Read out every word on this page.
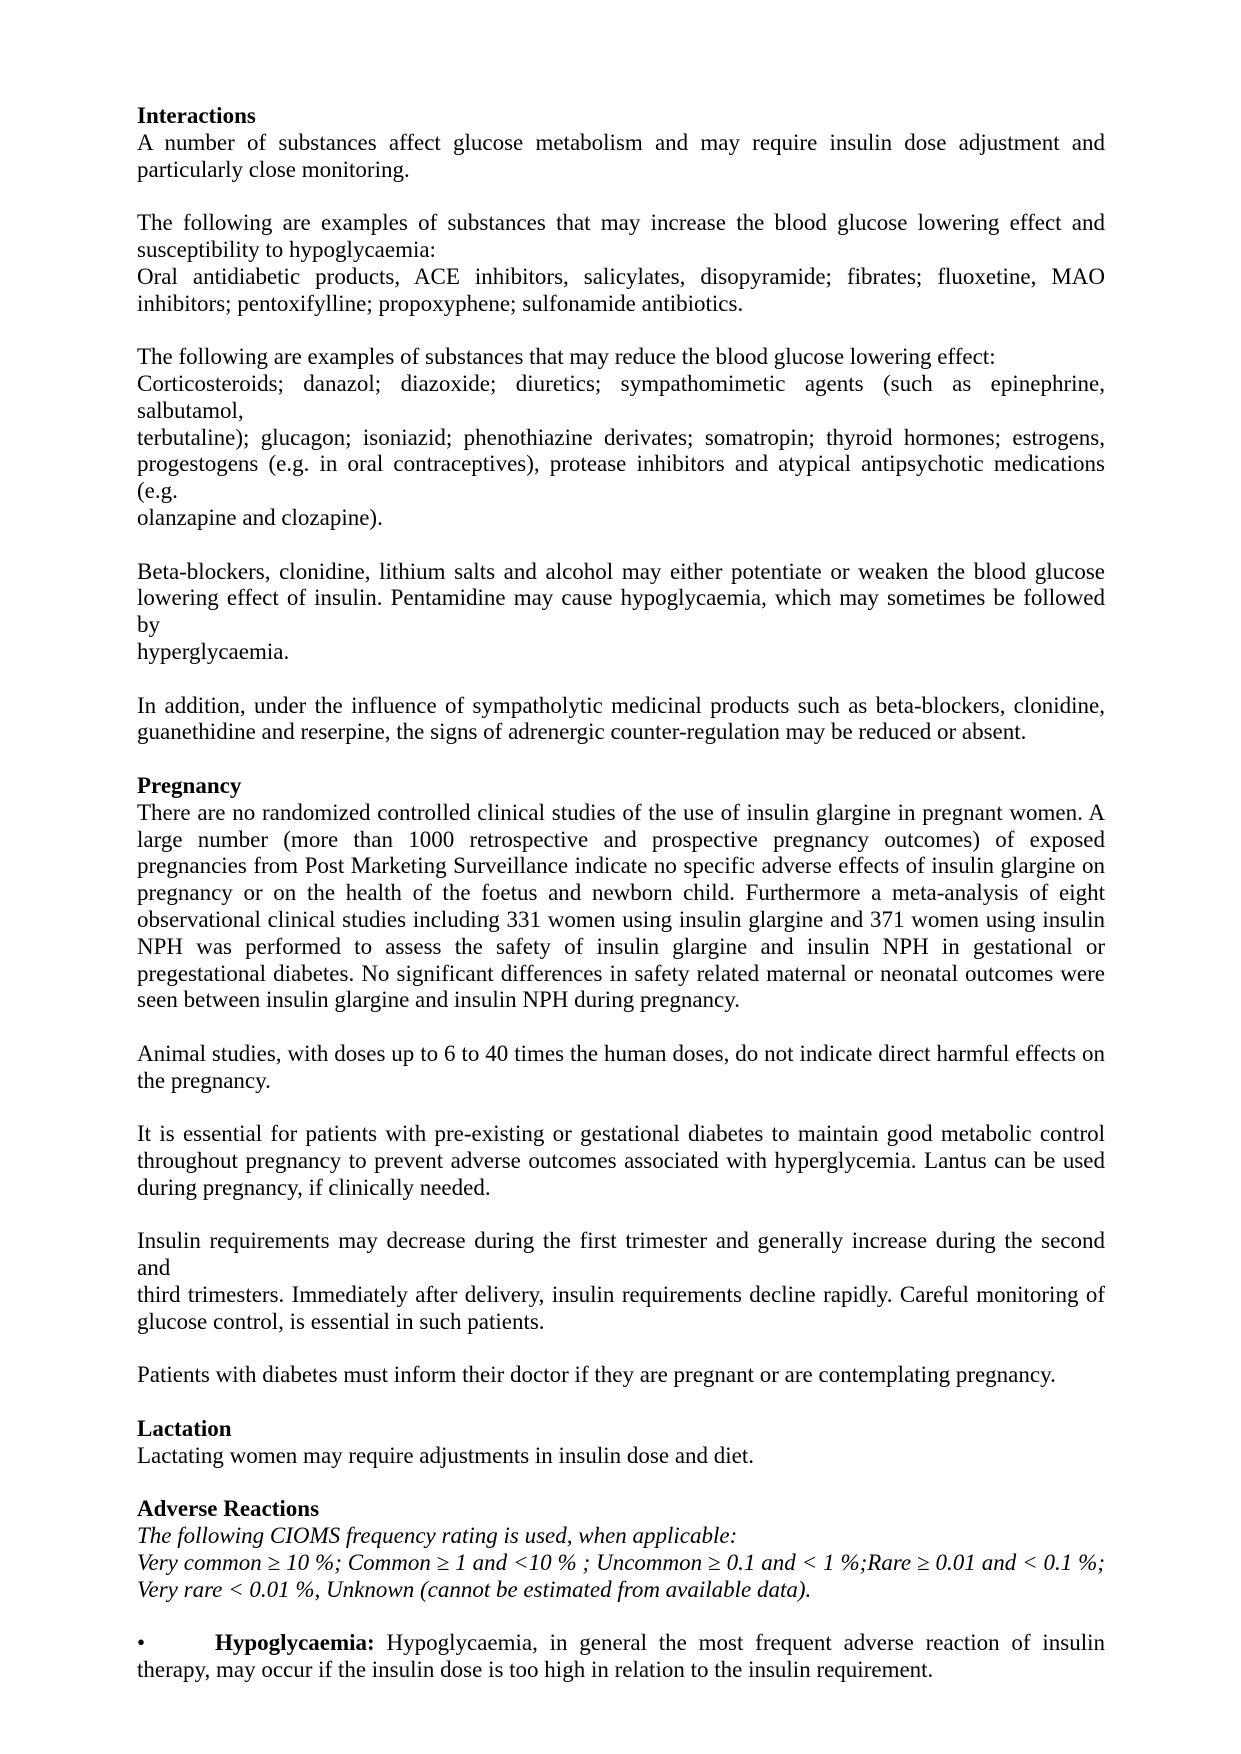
Interactions
A number of substances affect glucose metabolism and may require insulin dose adjustment and
particularly close monitoring.
The following are examples of substances that may increase the blood glucose lowering effect and
susceptibility to hypoglycaemia:
Oral antidiabetic products, ACE inhibitors, salicylates, disopyramide; fibrates; fluoxetine, MAO
inhibitors; pentoxifylline; propoxyphene; sulfonamide antibiotics.
The following are examples of substances that may reduce the blood glucose lowering effect:
Corticosteroids; danazol; diazoxide; diuretics; sympathomimetic agents (such as epinephrine, salbutamol,
terbutaline); glucagon; isoniazid; phenothiazine derivates; somatropin; thyroid hormones; estrogens,
progestogens (e.g. in oral contraceptives), protease inhibitors and atypical antipsychotic medications (e.g.
olanzapine and clozapine).
Beta-blockers, clonidine, lithium salts and alcohol may either potentiate or weaken the blood glucose
lowering effect of insulin. Pentamidine may cause hypoglycaemia, which may sometimes be followed by
hyperglycaemia.
In addition, under the influence of sympatholytic medicinal products such as beta-blockers, clonidine,
guanethidine and reserpine, the signs of adrenergic counter-regulation may be reduced or absent.
Pregnancy
There are no randomized controlled clinical studies of the use of insulin glargine in pregnant women. A
large number (more than 1000 retrospective and prospective pregnancy outcomes) of exposed
pregnancies from Post Marketing Surveillance indicate no specific adverse effects of insulin glargine on
pregnancy or on the health of the foetus and newborn child. Furthermore a meta-analysis of eight
observational clinical studies including 331 women using insulin glargine and 371 women using insulin
NPH was performed to assess the safety of insulin glargine and insulin NPH in gestational or
pregestational diabetes. No significant differences in safety related maternal or neonatal outcomes were
seen between insulin glargine and insulin NPH during pregnancy.
Animal studies, with doses up to 6 to 40 times the human doses, do not indicate direct harmful effects on
the pregnancy.
It is essential for patients with pre-existing or gestational diabetes to maintain good metabolic control
throughout pregnancy to prevent adverse outcomes associated with hyperglycemia. Lantus can be used
during pregnancy, if clinically needed.
Insulin requirements may decrease during the first trimester and generally increase during the second and
third trimesters. Immediately after delivery, insulin requirements decline rapidly. Careful monitoring of
glucose control, is essential in such patients.
Patients with diabetes must inform their doctor if they are pregnant or are contemplating pregnancy.
Lactation
Lactating women may require adjustments in insulin dose and diet.
Adverse Reactions
The following CIOMS frequency rating is used, when applicable:
Very common ≥ 10 %; Common ≥ 1 and <10 % ; Uncommon ≥ 0.1 and < 1 %;Rare ≥ 0.01 and < 0.1 %;
Very rare < 0.01 %, Unknown (cannot be estimated from available data).
•	Hypoglycaemia: Hypoglycaemia, in general the most frequent adverse reaction of insulin
therapy, may occur if the insulin dose is too high in relation to the insulin requirement.
